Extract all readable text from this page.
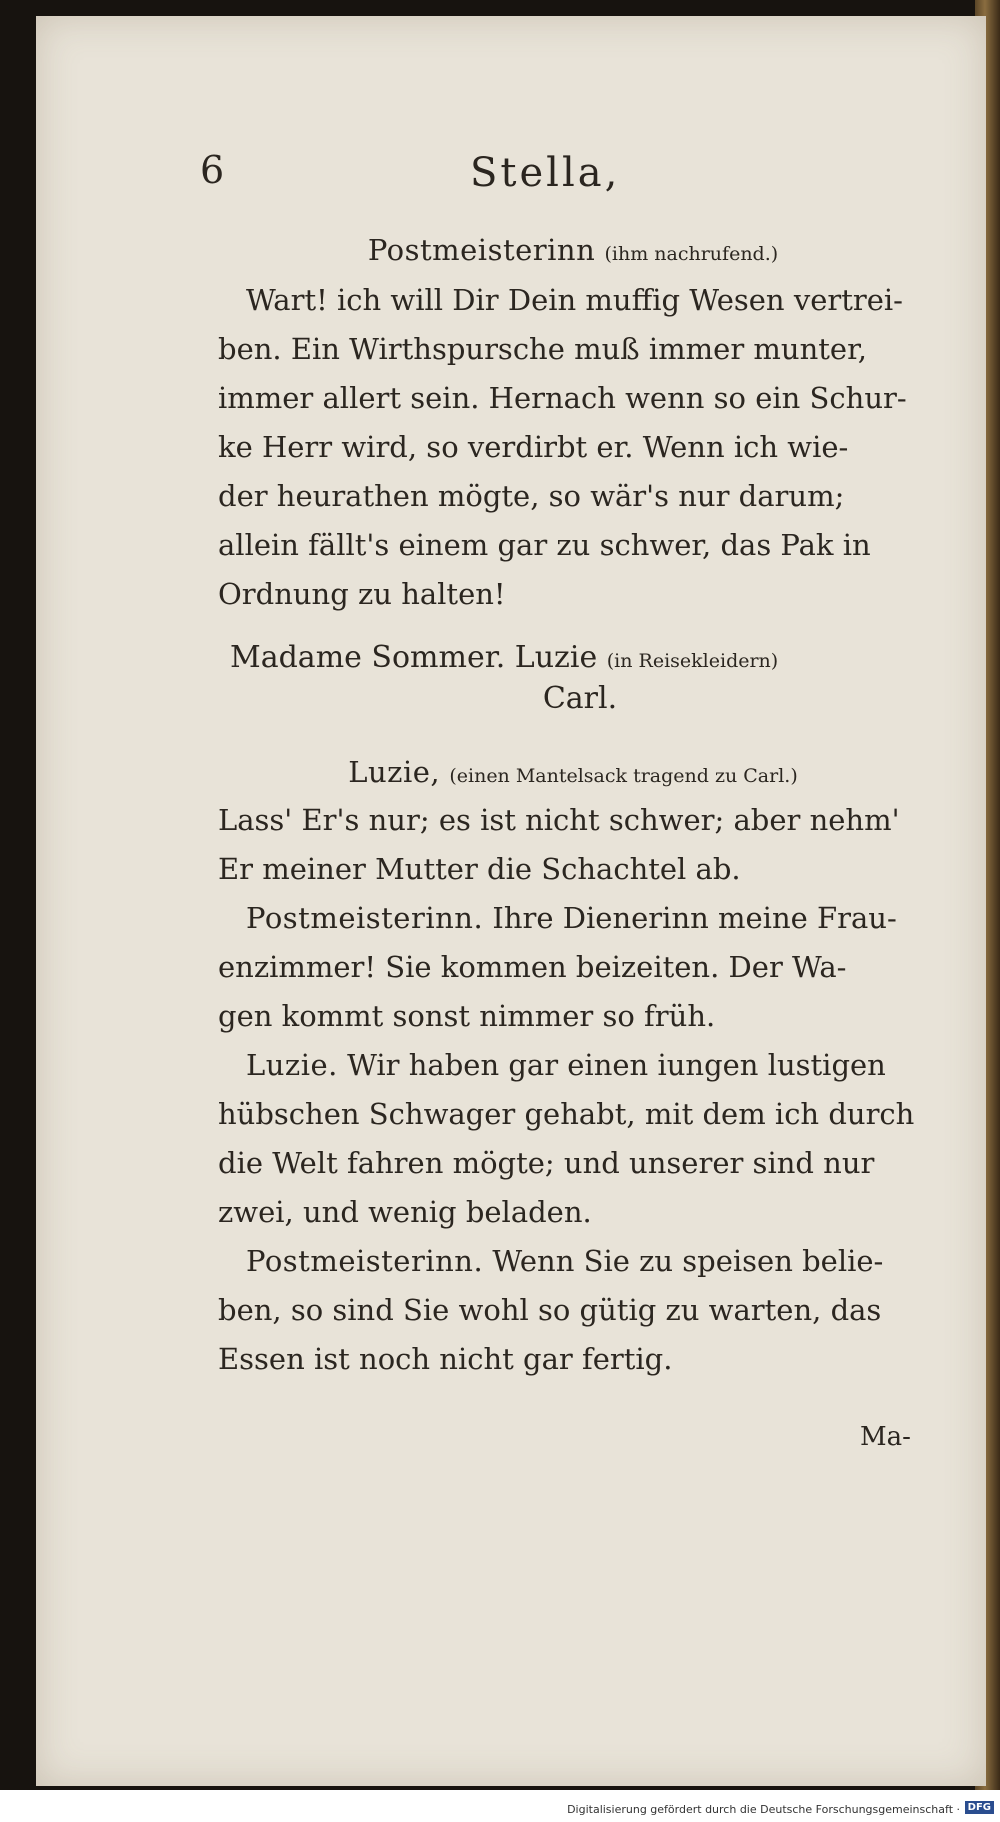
6	Stella,
Postmeisterinn (ihm nachrufend.)
Wart! ich will Dir Dein muffig Wesen vertrei-
ben. Ein Wirthspursche muß immer munter,
immer allert sein. Hernach wenn so ein Schur-
ke Herr wird, so verdirbt er. Wenn ich wie-
der heurathen mögte, so wär's nur darum;
allein fällt's einem gar zu schwer, das Pak in
Ordnung zu halten!
Madame Sommer. Luzie (in Reisekleidern)
Carl.
Luzie, (einen Mantelsack tragend zu Carl.)
Lass' Er's nur; es ist nicht schwer; aber nehm'
Er meiner Mutter die Schachtel ab.
Postmeisterinn. Ihre Dienerinn meine Frau-
enzimmer! Sie kommen beizeiten. Der Wa-
gen kommt sonst nimmer so früh.
Luzie. Wir haben gar einen iungen lustigen
hübschen Schwager gehabt, mit dem ich durch
die Welt fahren mögte; und unserer sind nur
zwei, und wenig beladen.
Postmeisterinn. Wenn Sie zu speisen belie-
ben, so sind Sie wohl so gütig zu warten, das
Essen ist noch nicht gar fertig.
Ma-
Digitalisierung gefördert durch die Deutsche Forschungsgemeinschaft · DFG
